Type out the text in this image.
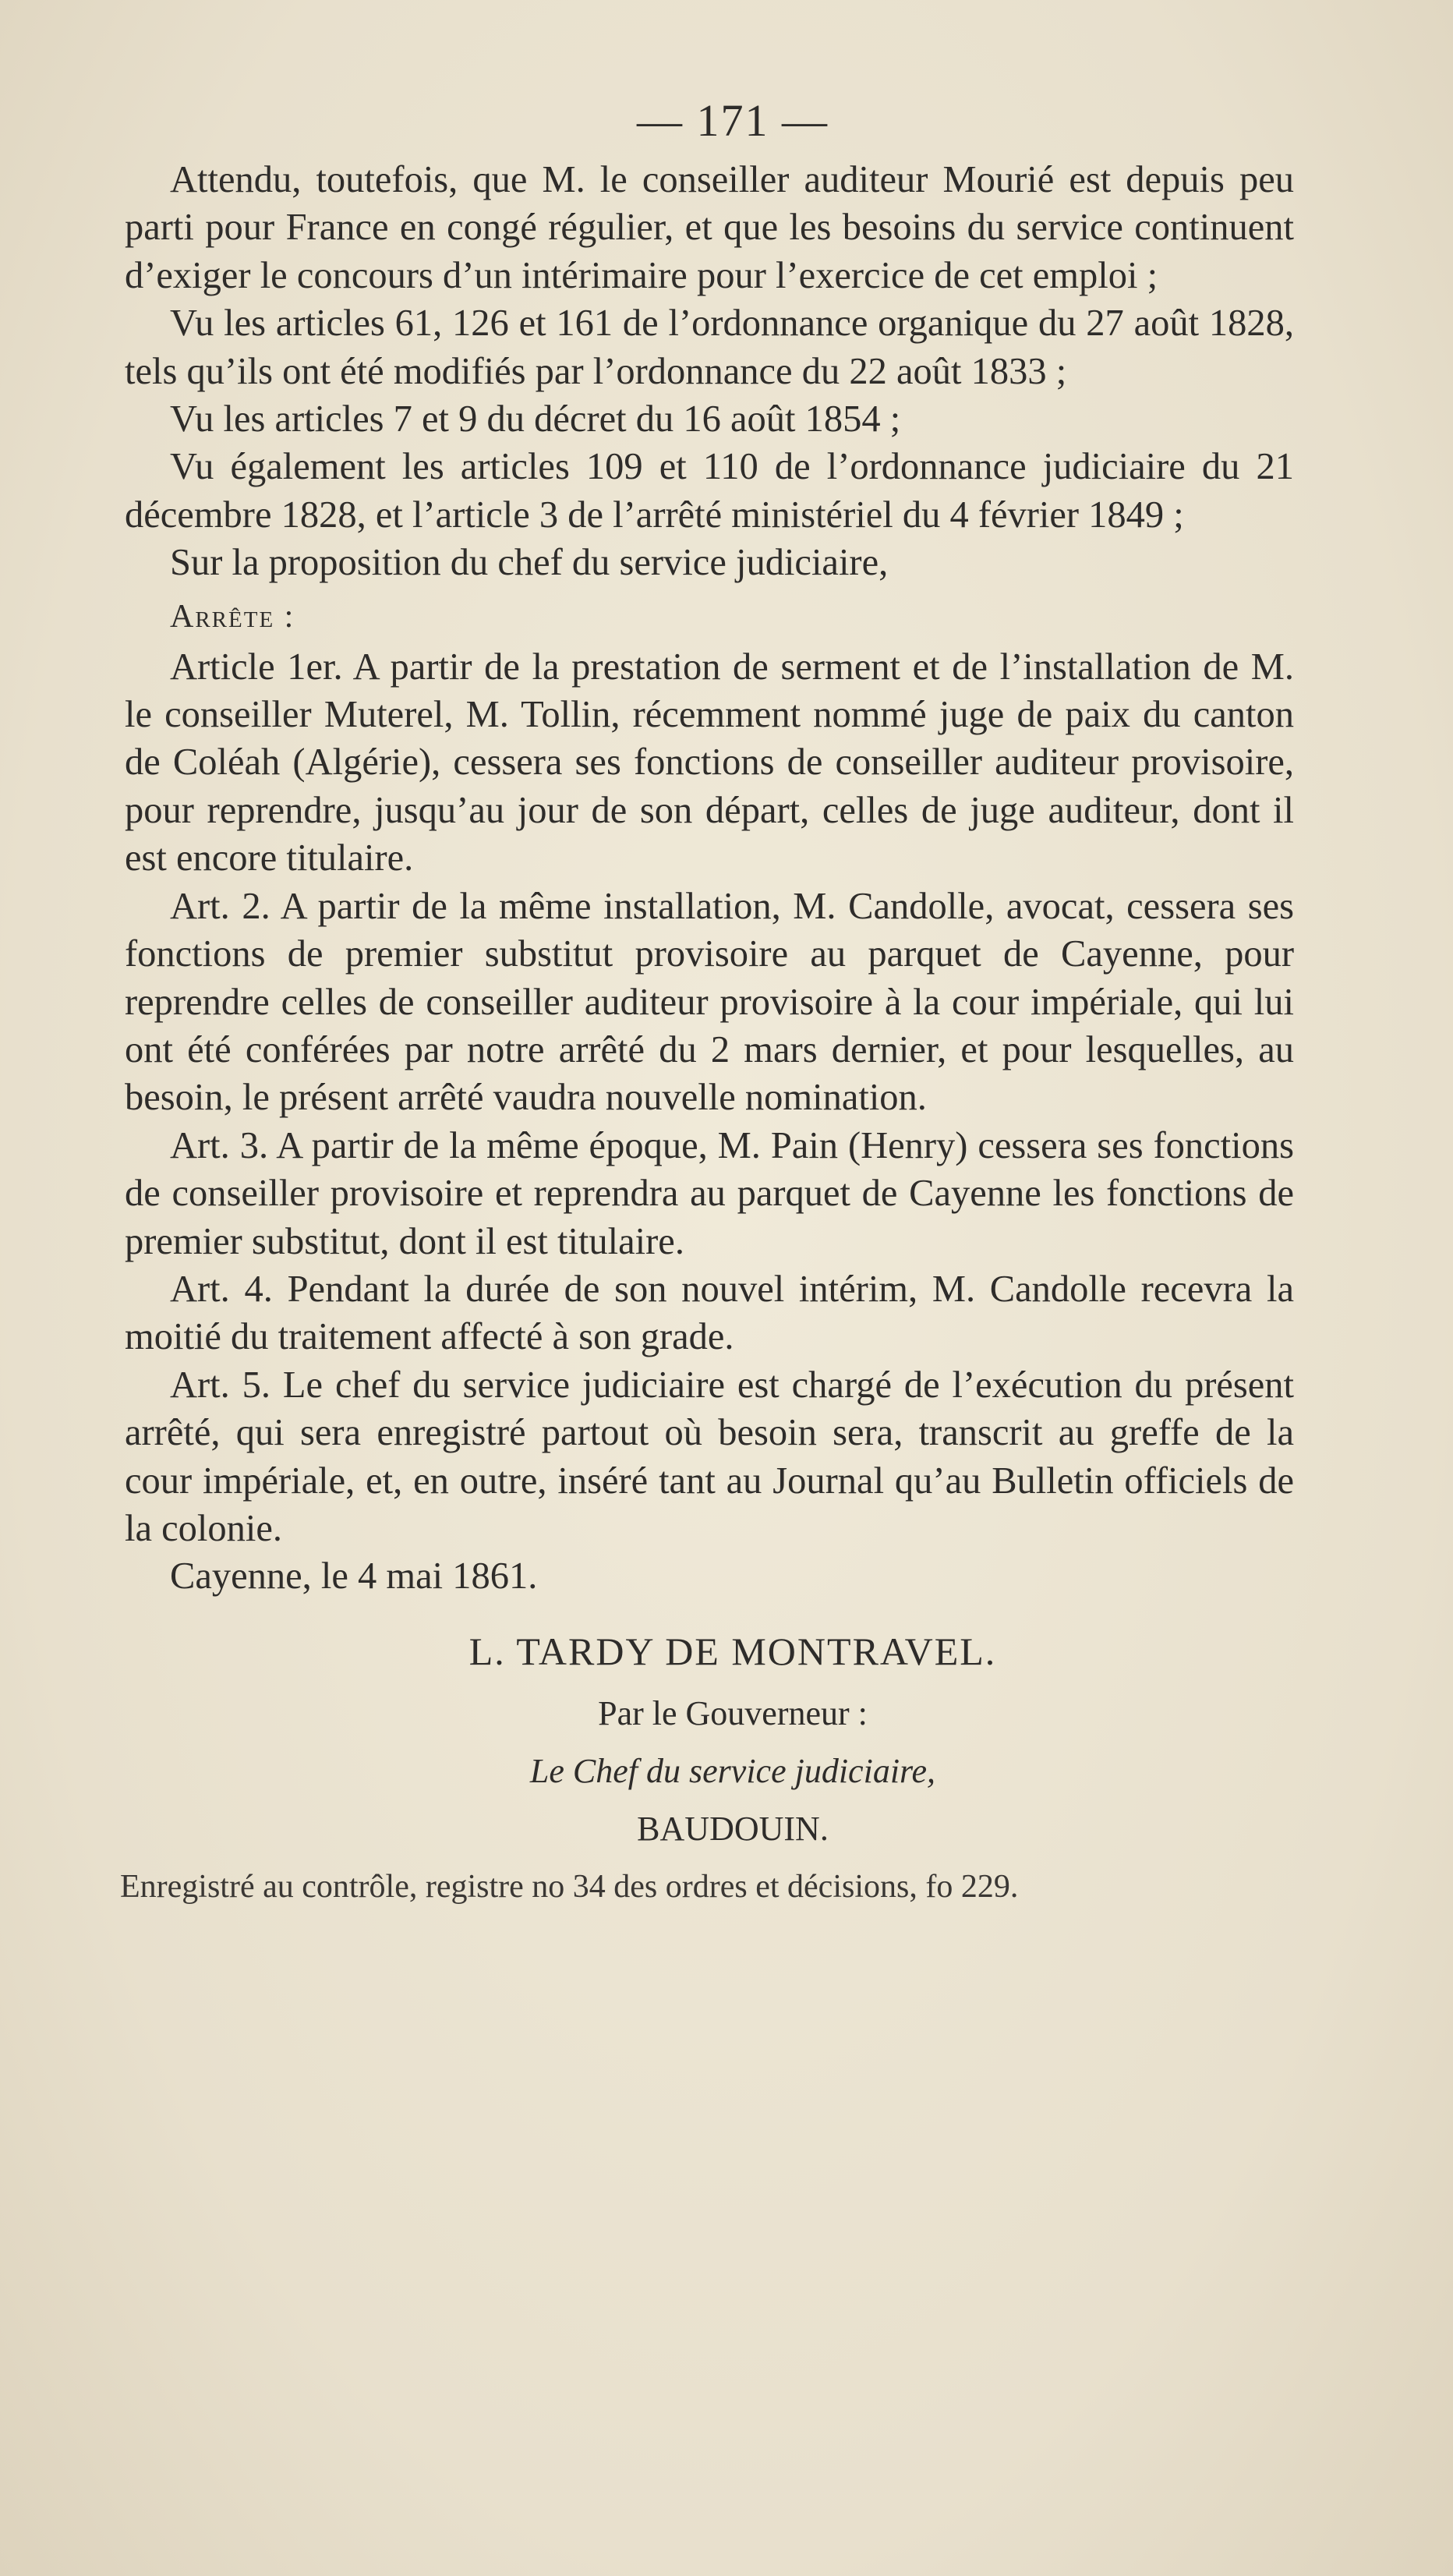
— 171 —

Attendu, toutefois, que M. le conseiller auditeur Mourié est depuis peu parti pour France en congé régulier, et que les besoins du service continuent d’exiger le concours d’un intérimaire pour l’exercice de cet emploi ;

Vu les articles 61, 126 et 161 de l’ordonnance organique du 27 août 1828, tels qu’ils ont été modifiés par l’ordonnance du 22 août 1833 ;

Vu les articles 7 et 9 du décret du 16 août 1854 ;

Vu également les articles 109 et 110 de l’ordonnance judiciaire du 21 décembre 1828, et l’article 3 de l’arrêté ministériel du 4 février 1849 ;

Sur la proposition du chef du service judiciaire,

Arrête :

Article 1er. A partir de la prestation de serment et de l’installation de M. le conseiller Muterel, M. Tollin, récemment nommé juge de paix du canton de Coléah (Algérie), cessera ses fonctions de conseiller auditeur provisoire, pour reprendre, jusqu’au jour de son départ, celles de juge auditeur, dont il est encore titulaire.

Art. 2. A partir de la même installation, M. Candolle, avocat, cessera ses fonctions de premier substitut provisoire au parquet de Cayenne, pour reprendre celles de conseiller auditeur provisoire à la cour impériale, qui lui ont été conférées par notre arrêté du 2 mars dernier, et pour lesquelles, au besoin, le présent arrêté vaudra nouvelle nomination.

Art. 3. A partir de la même époque, M. Pain (Henry) cessera ses fonctions de conseiller provisoire et reprendra au parquet de Cayenne les fonctions de premier substitut, dont il est titulaire.

Art. 4. Pendant la durée de son nouvel intérim, M. Candolle recevra la moitié du traitement affecté à son grade.

Art. 5. Le chef du service judiciaire est chargé de l’exécution du présent arrêté, qui sera enregistré partout où besoin sera, transcrit au greffe de la cour impériale, et, en outre, inséré tant au Journal qu’au Bulletin officiels de la colonie.

Cayenne, le 4 mai 1861.

L. TARDY DE MONTRAVEL.
Par le Gouverneur :
Le Chef du service judiciaire,
BAUDOUIN.
Enregistré au contrôle, registre no 34 des ordres et décisions, fo 229.
